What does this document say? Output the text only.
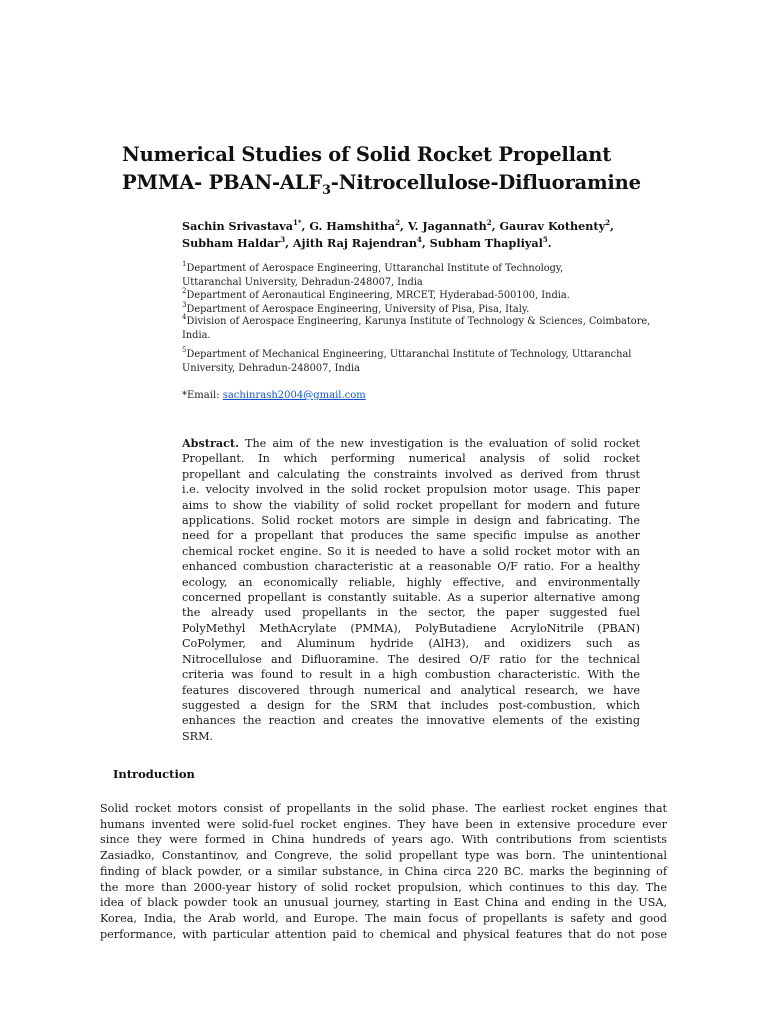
Numerical Studies of Solid Rocket Propellant
PMMA- PBAN-$ALF_3-Nitrocellulose$-Difluoramine
Sachin Srivastava$^{1*}$, G. Hamshitha$^2$, V. Jagannath$^2$, Gaurav Kothenty$^2$,
Subham Haldar$^3$, Ajith Raj Rajendran$^4$, Subham Thapliyal$^5$.
$^1$Department of Aerospace Engineering, Uttaranchal Institute of Technology,
Uttaranchal University, Dehradun-248007, India
$^2$Department of Aeronautical Engineering, MRCET, Hyderabad-500100, India.
$^3$Department of Aerospace Engineering, University of Pisa, Pisa, Italy.
$^4$Division of Aerospace Engineering, Karunya Institute of Technology & Sciences, Coimbatore,
India.
$^5$Department of Mechanical Engineering, Uttaranchal Institute of Technology, Uttaranchal
University, Dehradun-248007, India
*Email: sachinrash2004@gmail.com
Abstract. The aim of the new investigation is the evaluation of solid rocket
Propellant. In which performing numerical analysis of solid rocket
propellant and calculating the constraints involved as derived from thrust
i.e. velocity involved in the solid rocket propulsion motor usage. This paper
aims to show the viability of solid rocket propellant for modern and future
applications. Solid rocket motors are simple in design and fabricating. The
need for a propellant that produces the same specific impulse as another
chemical rocket engine. So it is needed to have a solid rocket motor with an
enhanced combustion characteristic at a reasonable O/F ratio. For a healthy
ecology, an economically reliable, highly effective, and environmentally
concerned propellant is constantly suitable. As a superior alternative among
the already used propellants in the sector, the paper suggested fuel
PolyMethyl MethAcrylate (PMMA), PolyButadiene AcryloNitrile (PBAN)
CoPolymer, and Aluminum hydride (AlH3), and oxidizers such as
Nitrocellulose and Difluoramine. The desired O/F ratio for the technical
criteria was found to result in a high combustion characteristic. With the
features discovered through numerical and analytical research, we have
suggested a design for the SRM that includes post-combustion, which
enhances the reaction and creates the innovative elements of the existing
SRM.
Introduction
Solid rocket motors consist of propellants in the solid phase. The earliest rocket engines that
humans invented were solid-fuel rocket engines. They have been in extensive procedure ever
since they were formed in China hundreds of years ago. With contributions from scientists
Zasiadko, Constantinov, and Congreve, the solid propellant type was born. The unintentional
finding of black powder, or a similar substance, in China circa 220 BC. marks the beginning of
the more than 2000-year history of solid rocket propulsion, which continues to this day. The
idea of black powder took an unusual journey, starting in East China and ending in the USA,
Korea, India, the Arab world, and Europe. The main focus of propellants is safety and good
performance, with particular attention paid to chemical and physical features that do not pose
